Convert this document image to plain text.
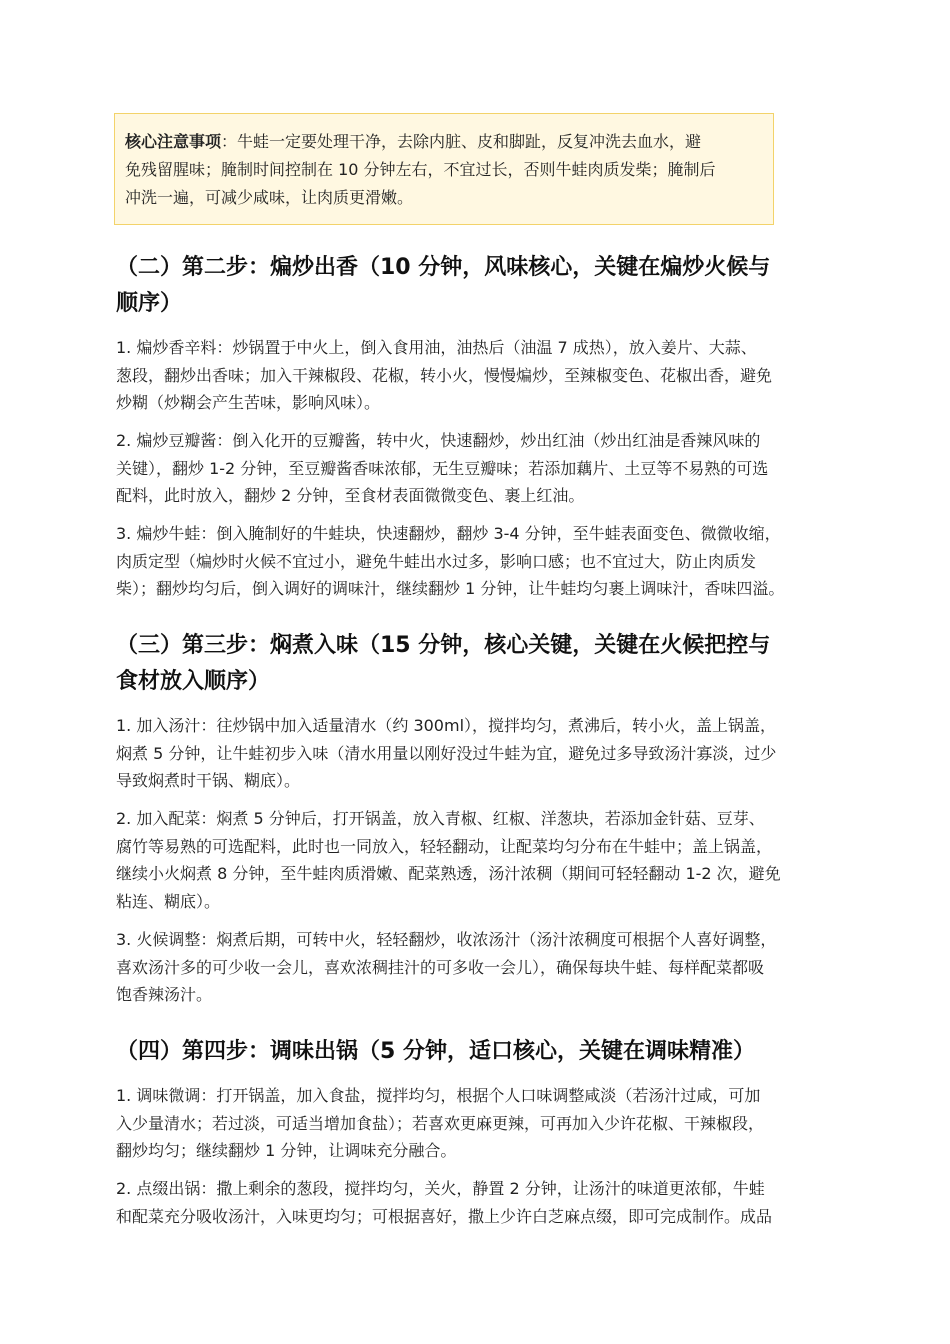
核心注意事项：牛蛙一定要处理干净，去除内脏、皮和脚趾，反复冲洗去血水，避
免残留腥味；腌制时间控制在 10 分钟左右，不宜过长，否则牛蛙肉质发柴；腌制后
冲洗一遍，可减少咸味，让肉质更滑嫩。
（二）第二步：煸炒出香（10 分钟，风味核心，关键在煸炒火候与
顺序）
1. 煸炒香辛料：炒锅置于中火上，倒入食用油，油热后（油温 7 成热），放入姜片、大蒜、
葱段，翻炒出香味；加入干辣椒段、花椒，转小火，慢慢煸炒，至辣椒变色、花椒出香，避免
炒糊（炒糊会产生苦味，影响风味）。
2. 煸炒豆瓣酱：倒入化开的豆瓣酱，转中火，快速翻炒，炒出红油（炒出红油是香辣风味的
关键），翻炒 1-2 分钟，至豆瓣酱香味浓郁，无生豆瓣味；若添加藕片、土豆等不易熟的可选
配料，此时放入，翻炒 2 分钟，至食材表面微微变色、裹上红油。
3. 煸炒牛蛙：倒入腌制好的牛蛙块，快速翻炒，翻炒 3-4 分钟，至牛蛙表面变色、微微收缩，
肉质定型（煸炒时火候不宜过小，避免牛蛙出水过多，影响口感；也不宜过大，防止肉质发
柴）；翻炒均匀后，倒入调好的调味汁，继续翻炒 1 分钟，让牛蛙均匀裹上调味汁，香味四溢。
（三）第三步：焖煮入味（15 分钟，核心关键，关键在火候把控与
食材放入顺序）
1. 加入汤汁：往炒锅中加入适量清水（约 300ml），搅拌均匀，煮沸后，转小火，盖上锅盖，
焖煮 5 分钟，让牛蛙初步入味（清水用量以刚好没过牛蛙为宜，避免过多导致汤汁寡淡，过少
导致焖煮时干锅、糊底）。
2. 加入配菜：焖煮 5 分钟后，打开锅盖，放入青椒、红椒、洋葱块，若添加金针菇、豆芽、
腐竹等易熟的可选配料，此时也一同放入，轻轻翻动，让配菜均匀分布在牛蛙中；盖上锅盖，
继续小火焖煮 8 分钟，至牛蛙肉质滑嫩、配菜熟透，汤汁浓稠（期间可轻轻翻动 1-2 次，避免
粘连、糊底）。
3. 火候调整：焖煮后期，可转中火，轻轻翻炒，收浓汤汁（汤汁浓稠度可根据个人喜好调整，
喜欢汤汁多的可少收一会儿，喜欢浓稠挂汁的可多收一会儿），确保每块牛蛙、每样配菜都吸
饱香辣汤汁。
（四）第四步：调味出锅（5 分钟，适口核心，关键在调味精准）
1. 调味微调：打开锅盖，加入食盐，搅拌均匀，根据个人口味调整咸淡（若汤汁过咸，可加
入少量清水；若过淡，可适当增加食盐）；若喜欢更麻更辣，可再加入少许花椒、干辣椒段，
翻炒均匀；继续翻炒 1 分钟，让调味充分融合。
2. 点缀出锅：撒上剩余的葱段，搅拌均匀，关火，静置 2 分钟，让汤汁的味道更浓郁，牛蛙
和配菜充分吸收汤汁，入味更均匀；可根据喜好，撒上少许白芝麻点缀，即可完成制作。成品
